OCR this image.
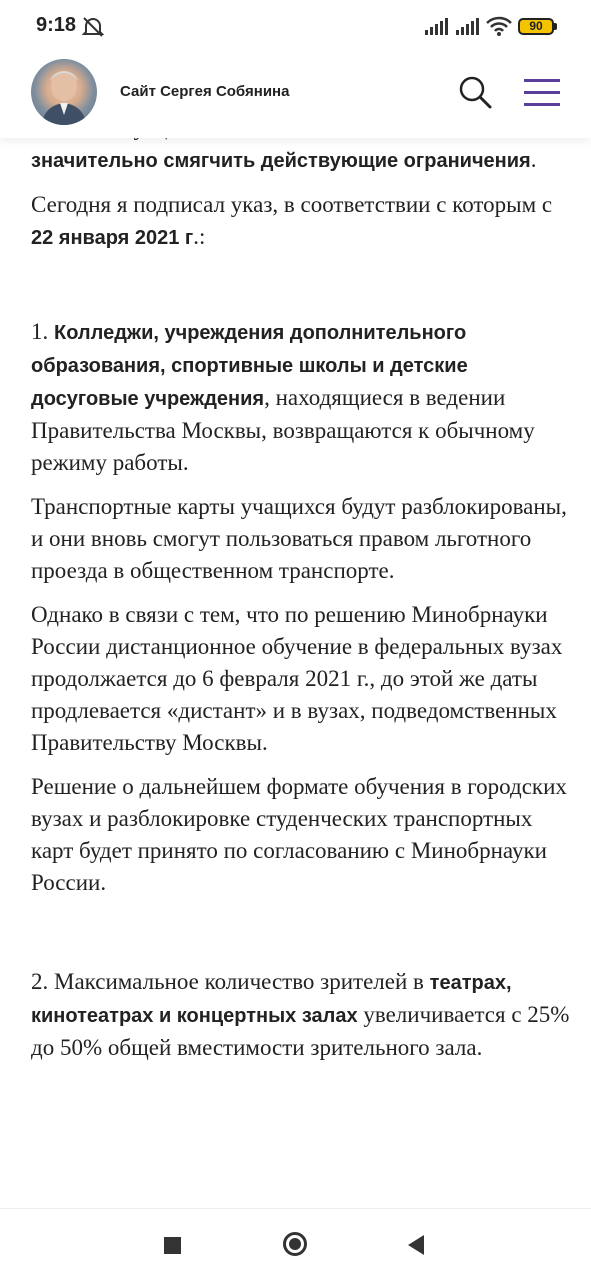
9:18	90
Сайт Сергея Собянина

значительно смягчить действующие ограничения.

Сегодня я подписал указ, в соответствии с которым с 22 января 2021 г.:

1. Колледжи, учреждения дополнительного образования, спортивные школы и детские досуговые учреждения, находящиеся в ведении Правительства Москвы, возвращаются к обычному режиму работы.

Транспортные карты учащихся будут разблокированы, и они вновь смогут пользоваться правом льготного проезда в общественном транспорте.

Однако в связи с тем, что по решению Минобрнауки России дистанционное обучение в федеральных вузах продолжается до 6 февраля 2021 г., до этой же даты продлевается «дистант» и в вузах, подведомственных Правительству Москвы.

Решение о дальнейшем формате обучения в городских вузах и разблокировке студенческих транспортных карт будет принято по согласованию с Минобрнауки России.

2. Максимальное количество зрителей в театрах, кинотеатрах и концертных залах увеличивается с 25% до 50% общей вместимости зрительного зала.
